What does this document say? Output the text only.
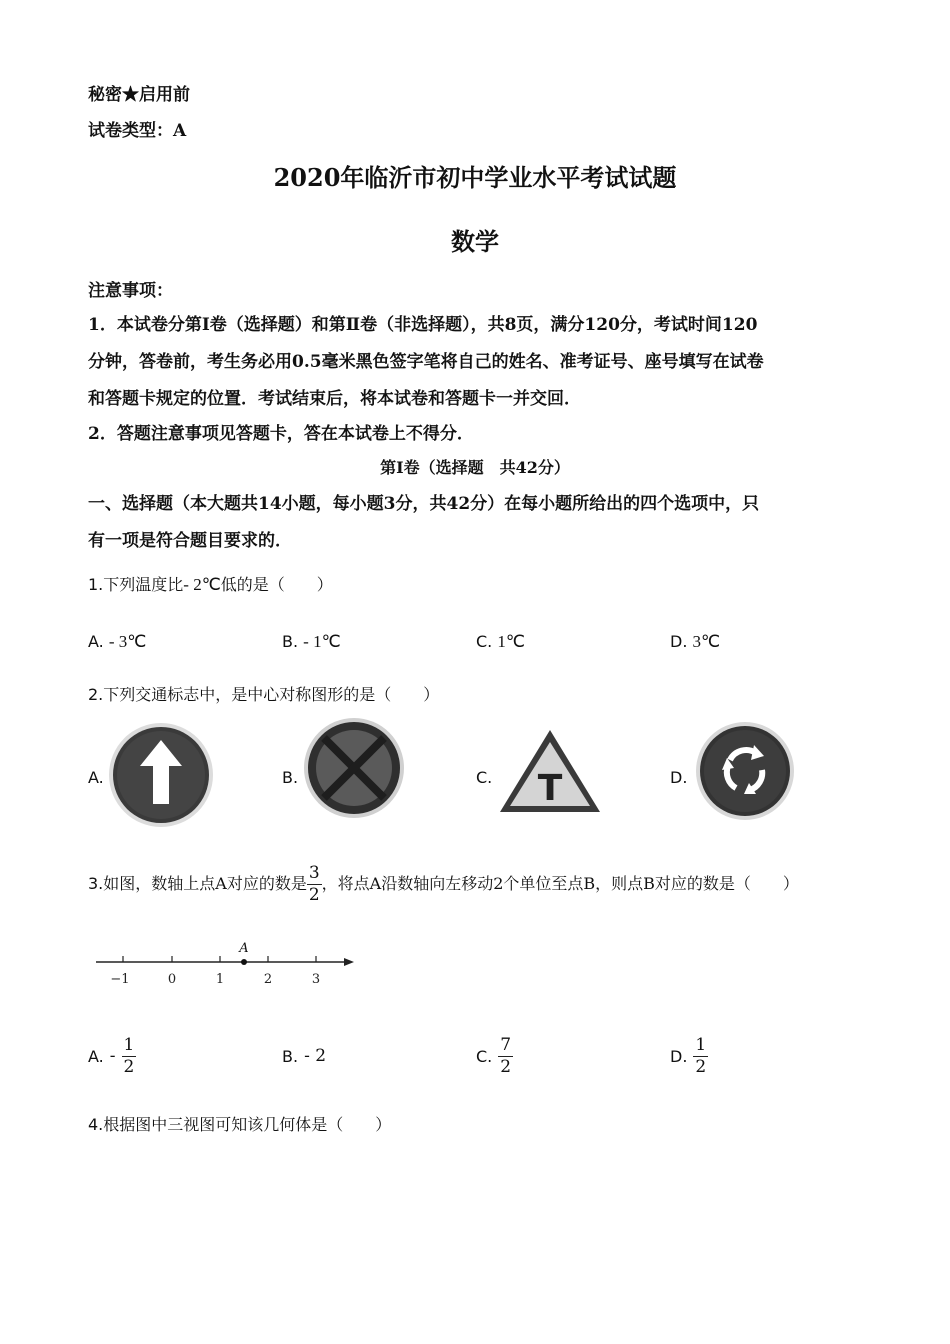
秘密★启用前
试卷类型：A
2020年临沂市初中学业水平考试试题
数学
注意事项：
1．本试卷分第Ⅰ卷（选择题）和第Ⅱ卷（非选择题），共8页，满分120分，考试时间120
分钟，答卷前，考生务必用0.5毫米黑色签字笔将自己的姓名、准考证号、座号填写在试卷
和答题卡规定的位置．考试结束后，将本试卷和答题卡一并交回．
2．答题注意事项见答题卡，答在本试卷上不得分．
第Ⅰ卷（选择题　共42分）
一、选择题（本大题共14小题，每小题3分，共42分）在每小题所给出的四个选项中，只
有一项是符合题目要求的．
1.下列温度比- 2℃低的是（　　）
A. - 3℃	B. - 1℃	C. 1℃	D. 3℃
2.下列交通标志中，是中心对称图形的是（　　）
A.	B.	C. T	D.
3.如图，数轴上点A对应的数是 $\frac{3}{2}$ ，将点A沿数轴向左移动2个单位至点B，则点B对应的数是（　　）
A
−1	0	1	2	3
A. - $\frac{1}{2}$	B. - 2	C. $\frac{7}{2}$	D. $\frac{1}{2}$
4.根据图中三视图可知该几何体是（　　）
